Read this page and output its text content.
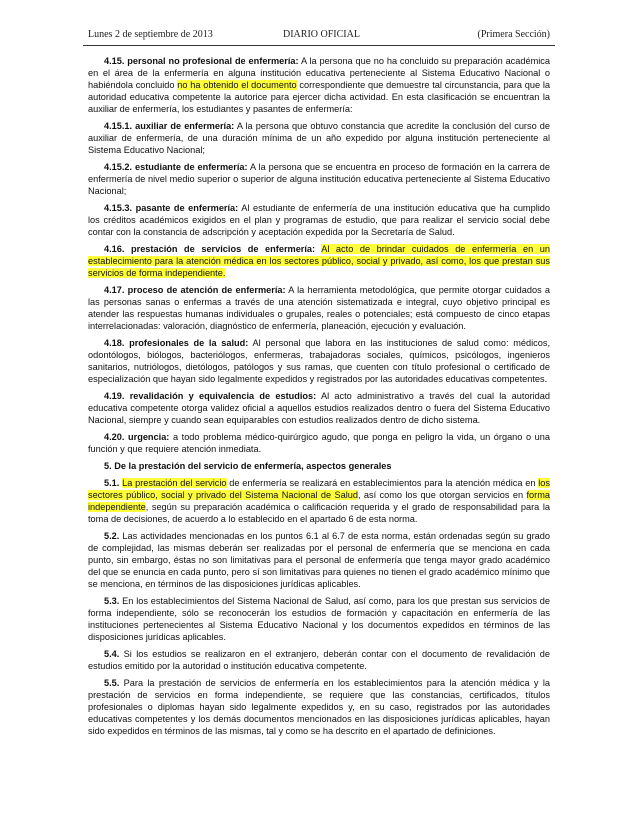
Lunes 2 de septiembre de 2013	DIARIO OFICIAL	(Primera Sección)

4.15. personal no profesional de enfermería: A la persona que no ha concluido su preparación académica en el área de la enfermería en alguna institución educativa perteneciente al Sistema Educativo Nacional o habiéndola concluido no ha obtenido el documento correspondiente que demuestre tal circunstancia, para que la autoridad educativa competente la autorice para ejercer dicha actividad. En esta clasificación se encuentran la auxiliar de enfermería, los estudiantes y pasantes de enfermería:

4.15.1. auxiliar de enfermería: A la persona que obtuvo constancia que acredite la conclusión del curso de auxiliar de enfermería, de una duración mínima de un año expedido por alguna institución perteneciente al Sistema Educativo Nacional;

4.15.2. estudiante de enfermería: A la persona que se encuentra en proceso de formación en la carrera de enfermería de nivel medio superior o superior de alguna institución educativa perteneciente al Sistema Educativo Nacional;

4.15.3. pasante de enfermería: Al estudiante de enfermería de una institución educativa que ha cumplido los créditos académicos exigidos en el plan y programas de estudio, que para realizar el servicio social debe contar con la constancia de adscripción y aceptación expedida por la Secretaría de Salud.

4.16. prestación de servicios de enfermería: Al acto de brindar cuidados de enfermería en un establecimiento para la atención médica en los sectores público, social y privado, así como, los que prestan sus servicios de forma independiente.

4.17. proceso de atención de enfermería: A la herramienta metodológica, que permite otorgar cuidados a las personas sanas o enfermas a través de una atención sistematizada e integral, cuyo objetivo principal es atender las respuestas humanas individuales o grupales, reales o potenciales; está compuesto de cinco etapas interrelacionadas: valoración, diagnóstico de enfermería, planeación, ejecución y evaluación.

4.18. profesionales de la salud: Al personal que labora en las instituciones de salud como: médicos, odontólogos, biólogos, bacteriólogos, enfermeras, trabajadoras sociales, químicos, psicólogos, ingenieros sanitarios, nutriólogos, dietólogos, patólogos y sus ramas, que cuenten con título profesional o certificado de especialización que hayan sido legalmente expedidos y registrados por las autoridades educativas competentes.

4.19. revalidación y equivalencia de estudios: Al acto administrativo a través del cual la autoridad educativa competente otorga validez oficial a aquellos estudios realizados dentro o fuera del Sistema Educativo Nacional, siempre y cuando sean equiparables con estudios realizados dentro de dicho sistema.

4.20. urgencia: a todo problema médico-quirúrgico agudo, que ponga en peligro la vida, un órgano o una función y que requiere atención inmediata.

5. De la prestación del servicio de enfermería, aspectos generales

5.1. La prestación del servicio de enfermería se realizará en establecimientos para la atención médica en los sectores público, social y privado del Sistema Nacional de Salud, así como los que otorgan servicios en forma independiente, según su preparación académica o calificación requerida y el grado de responsabilidad para la toma de decisiones, de acuerdo a lo establecido en el apartado 6 de esta norma.

5.2. Las actividades mencionadas en los puntos 6.1 al 6.7 de esta norma, están ordenadas según su grado de complejidad, las mismas deberán ser realizadas por el personal de enfermería que se menciona en cada punto, sin embargo, éstas no son limitativas para el personal de enfermería que tenga mayor grado académico del que se enuncia en cada punto, pero sí son limitativas para quienes no tienen el grado académico mínimo que se menciona, en términos de las disposiciones jurídicas aplicables.

5.3. En los establecimientos del Sistema Nacional de Salud, así como, para los que prestan sus servicios de forma independiente, sólo se reconocerán los estudios de formación y capacitación en enfermería de las instituciones pertenecientes al Sistema Educativo Nacional y los documentos expedidos en términos de las disposiciones jurídicas aplicables.

5.4. Si los estudios se realizaron en el extranjero, deberán contar con el documento de revalidación de estudios emitido por la autoridad o institución educativa competente.

5.5. Para la prestación de servicios de enfermería en los establecimientos para la atención médica y la prestación de servicios en forma independiente, se requiere que las constancias, certificados, títulos profesionales o diplomas hayan sido legalmente expedidos y, en su caso, registrados por las autoridades educativas competentes y los demás documentos mencionados en las disposiciones jurídicas aplicables, hayan sido expedidos en términos de las mismas, tal y como se ha descrito en el apartado de definiciones.
